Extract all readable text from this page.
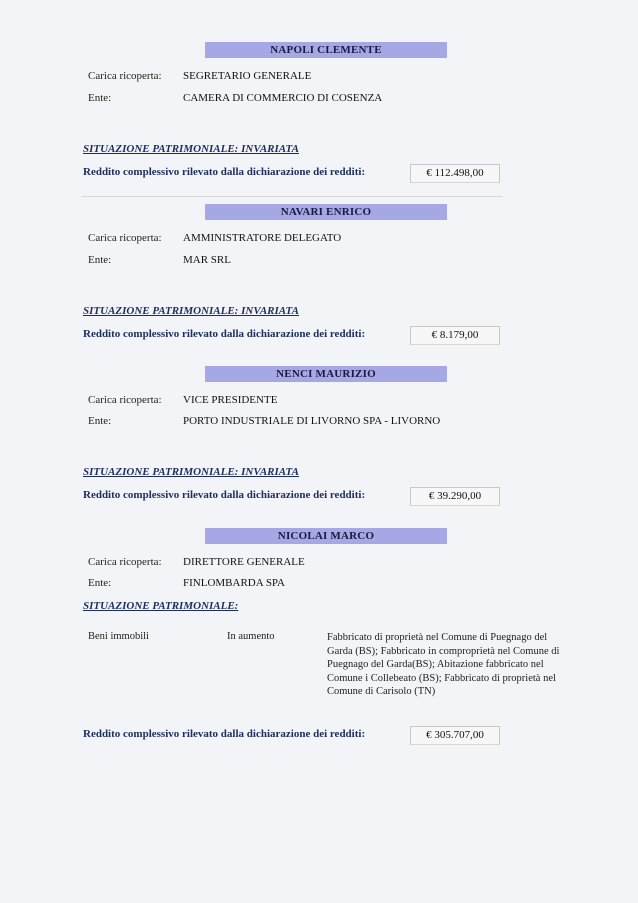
NAPOLI CLEMENTE
Carica ricoperta: SEGRETARIO GENERALE
Ente:	CAMERA DI COMMERCIO DI COSENZA
SITUAZIONE PATRIMONIALE: INVARIATA
Reddito complessivo rilevato dalla dichiarazione dei redditi:	€ 112.498,00
NAVARI ENRICO
Carica ricoperta: AMMINISTRATORE DELEGATO
Ente:	MAR SRL
SITUAZIONE PATRIMONIALE: INVARIATA
Reddito complessivo rilevato dalla dichiarazione dei redditi:	€ 8.179,00
NENCI MAURIZIO
Carica ricoperta: VICE PRESIDENTE
Ente:	PORTO INDUSTRIALE DI LIVORNO SPA - LIVORNO
SITUAZIONE PATRIMONIALE: INVARIATA
Reddito complessivo rilevato dalla dichiarazione dei redditi:	€ 39.290,00
NICOLAI MARCO
Carica ricoperta: DIRETTORE GENERALE
Ente:	FINLOMBARDA SPA
SITUAZIONE PATRIMONIALE:
Beni immobili	In aumento	Fabbricato di proprietà nel Comune di Puegnago del Garda (BS); Fabbricato in comproprietà nel Comune di Puegnago del Garda(BS); Abitazione fabbricato nel Comune i Collebeato (BS); Fabbricato di proprietà nel Comune di Carisolo (TN)
Reddito complessivo rilevato dalla dichiarazione dei redditi:	€ 305.707,00
